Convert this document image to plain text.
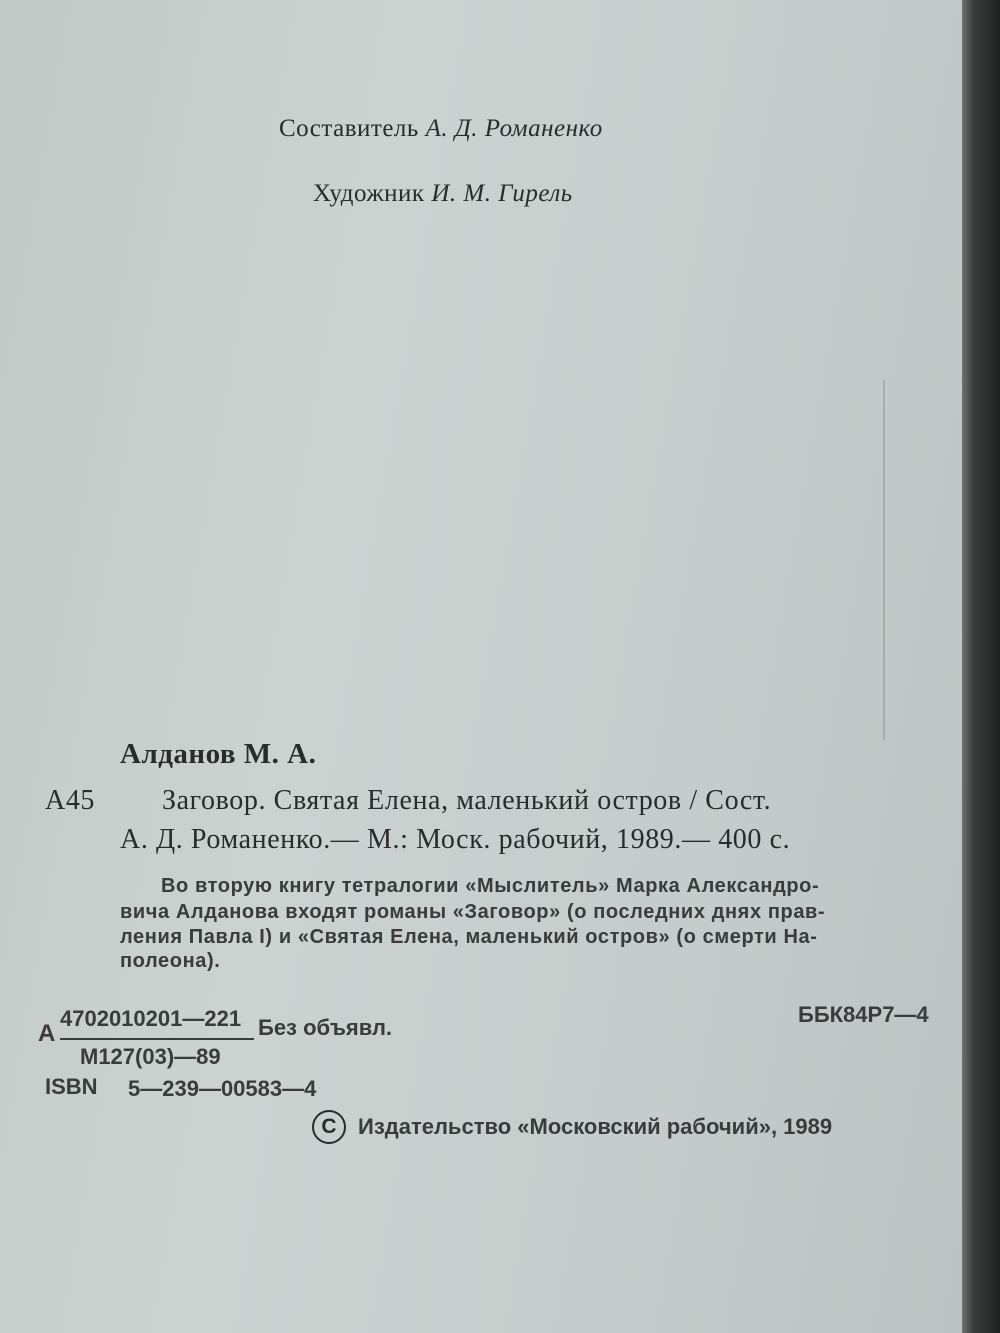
Составитель А. Д. Романенко
Художник И. М. Гирель
Алданов М. А.
А45 Заговор. Святая Елена, маленький остров / Сост.
А. Д. Романенко.— М.: Моск. рабочий, 1989.— 400 с.
Во вторую книгу тетралогии «Мыслитель» Марка Александро-
вича Алданова входят романы «Заговор» (о последних днях прав-
ления Павла I) и «Святая Елена, маленький остров» (о смерти На-
полеона).
А
4702010201—221
М127(03)—89
Без объявл.
ББК84Р7—4
ISBN 5—239—00583—4
C Издательство «Московский рабочий», 1989
